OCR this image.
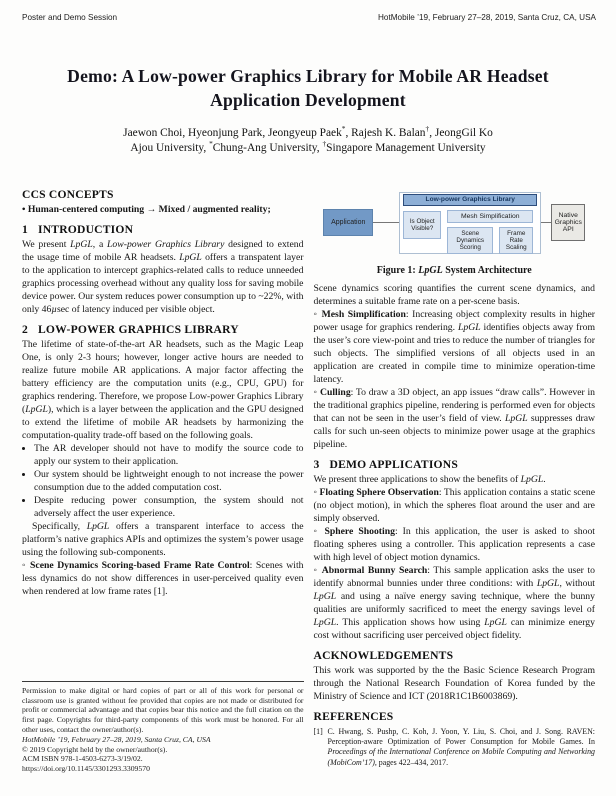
Poster and Demo Session	HotMobile ’19, February 27–28, 2019, Santa Cruz, CA, USA
Demo: A Low-power Graphics Library for Mobile AR Headset
Application Development
Jaewon Choi, Hyeonjung Park, Jeongyeup Paek*, Rajesh K. Balan†, JeongGil Ko
Ajou University, *Chung-Ang University, †Singapore Management University
CCS CONCEPTS

• Human-centered computing → Mixed / augmented reality;

1 INTRODUCTION

We present LpGL, a Low-power Graphics Library designed to extend the usage time of mobile AR headsets. LpGL offers a transpatent layer to the application to intercept graphics-related calls to reduce unneeded graphics processing overhead without any quality loss for saving mobile device power. Our system reduces power consumption up to ~22%, with only 46µsec of latency induced per visible object.

2 LOW-POWER GRAPHICS LIBRARY

The lifetime of state-of-the-art AR headsets, such as the Magic Leap One, is only 2-3 hours; however, longer active hours are needed to realize future mobile AR applications. A major factor affecting the battery efficiency are the computation units (e.g., CPU, GPU) for graphics rendering. Therefore, we propose Low-power Graphics Library (LpGL), which is a layer between the application and the GPU designed to extend the lifetime of mobile AR headsets by harmonizing the computation-quality trade-off based on the following goals.

• The AR developer should not have to modify the source code to apply our system to their application.
• Our system should be lightweight enough to not increase the power consumption due to the added computation cost.
• Despite reducing power consumption, the system should not adversely affect the user experience.

Specifically, LpGL offers a transparent interface to access the platform’s native graphics APIs and optimizes the system’s power usage using the following sub-components.

◦ Scene Dynamics Scoring-based Frame Rate Control: Scenes with less dynamics do not show differences in user-perceived quality even when rendered at low frame rates [1].

Permission to make digital or hard copies of part or all of this work for personal or classroom use is granted without fee provided that copies are not made or distributed for profit or commercial advantage and that copies bear this notice and the full citation on the first page. Copyrights for third-party components of this work must be honored. For all other uses, contact the owner/author(s).
HotMobile ’19, February 27–28, 2019, Santa Cruz, CA, USA
© 2019 Copyright held by the owner/author(s).
ACM ISBN 978-1-4503-6273-3/19/02.
https://doi.org/10.1145/3301293.3309570
Application
Low-power Graphics Library
Is Object Visible?
Mesh Simplification
Scene Dynamics Scoring
Frame Rate Scaling
Native Graphics API
Figure 1: LpGL System Architecture

Scene dynamics scoring quantifies the current scene dynamics, and determines a suitable frame rate on a per-scene basis.

◦ Mesh Simplification: Increasing object complexity results in higher power usage for graphics rendering. LpGL identifies objects away from the user’s core view-point and tries to reduce the number of triangles for such objects. The simplified versions of all objects used in an application are created in compile time to minimize operation-time latency.

◦ Culling: To draw a 3D object, an app issues “draw calls”. However in the traditional graphics pipeline, rendering is performed even for objects that can not be seen in the user’s field of view. LpGL suppresses draw calls for such un-seen objects to minimize power usage at the graphics pipeline.

3 DEMO APPLICATIONS

We present three applications to show the benefits of LpGL.

◦ Floating Sphere Observation: This application contains a static scene (no object motion), in which the spheres float around the user and are simply observed.

◦ Sphere Shooting: In this application, the user is asked to shoot floating spheres using a controller. This application represents a case with high level of object motion dynamics.

◦ Abnormal Bunny Search: This sample application asks the user to identify abnormal bunnies under three conditions: with LpGL, without LpGL and using a naïve energy saving technique, where the bunny qualities are uniformly sacrificed to meet the energy savings level of LpGL. This application shows how using LpGL can minimize energy cost without sacrificing user perceived object fidelity.

ACKNOWLEDGEMENTS

This work was supported by the the Basic Science Research Program through the National Research Foundation of Korea funded by the Ministry of Science and ICT (2018R1C1B6003869).

REFERENCES
[1] C. Hwang, S. Pushp, C. Koh, J. Yoon, Y. Liu, S. Choi, and J. Song. RAVEN: Perception-aware Optimization of Power Consumption for Mobile Games. In Proceedings of the International Conference on Mobile Computing and Networking (MobiCom’17), pages 422–434, 2017.
